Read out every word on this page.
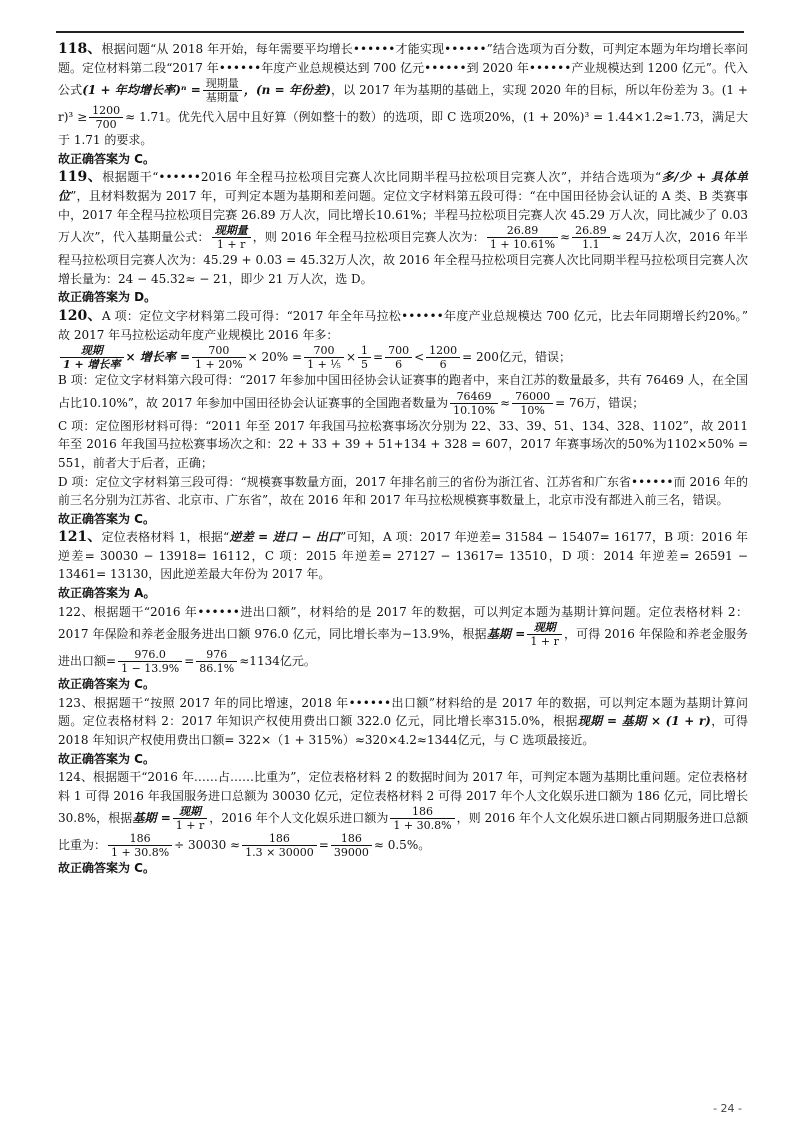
118、根据问题“从 2018 年开始，每年需要平均增长••••••才能实现••••••”结合选项为百分数，可判定本题为年均增长率问题。定位材料第二段“2017 年••••••年度产业总规模达到 700 亿元••••••到 2020 年••••••产业规模达到 1200 亿元”。代入公式(1 + 年均增长率)$^n = \frac{\text{现期量}}{\text{基期量}}$ ，(n = 年份差)，以 2017 年为基期的基础上，实现 2020 年的目标，所以年份差为 3。$(1 + r)^3 \ge \frac{1200}{700} \approx 1.71$。优先代入居中且好算（例如整十的数）的选项，即 C 选项20%，(1 + 20%)³ = 1.44×1.2≈1.73，满足大于 1.71 的要求。

故正确答案为 C。

119、根据题干“••••••2016 年全程马拉松项目完赛人次比同期半程马拉松项目完赛人次”，并结合选项为“多/少 + 具体单位”，且材料数据为 2017 年，可判定本题为基期和差问题。定位文字材料第五段可得：“在中国田径协会认证的 A 类、B 类赛事中，2017 年全程马拉松项目完赛 26.89 万人次，同比增长10.61%；半程马拉松项目完赛人次 45.29 万人次，同比减少了 0.03 万人次”，代入基期量公式： $\frac{\text{现期量}}{1 + r}$ ，则 2016 年全程马拉松项目完赛人次为： $\frac{26.89}{1 + 10.61\%} \approx \frac{26.89}{1.1} \approx 24$万人次，2016 年半程马拉松项目完赛人次为：45.29 + 0.03 = 45.32万人次，故 2016 年全程马拉松项目完赛人次比同期半程马拉松项目完赛人次增长量为：24 − 45.32≈ − 21，即少 21 万人次，选 D。

故正确答案为 D。

120、A 项：定位文字材料第二段可得：“2017 年全年马拉松••••••年度产业总规模达 700 亿元，比去年同期增长约20%。”　故 2017 年马拉松运动年度产业规模比 2016 年多：

$\frac{\text{现期}}{\text{1 + 增长率}}$ × 增长率 = $\frac{700}{1 + 20\%} \times 20\% = \frac{700}{\text{1 + ⅕}} \times \frac{1}{5} = \frac{700}{6} < \frac{1200}{6} = 200$亿元，错误；

B 项：定位文字材料第六段可得：“2017 年参加中国田径协会认证赛事的跑者中，来自江苏的数量最多，共有 76469 人，在全国占比10.10%”，故 2017 年参加中国田径协会认证赛事的全国跑者数量为 $\frac{76469}{10.10\%} \approx \frac{76000}{10\%} = 76$万，错误；

C 项：定位图形材料可得：“2011 年至 2017 年我国马拉松赛事场次分别为 22、33、39、51、134、328、1102”，故 2011 年至 2016 年我国马拉松赛事场次之和：22 + 33 + 39 + 51+134 + 328 = 607，2017 年赛事场次的50%为1102×50% = 551，前者大于后者，正确；

D 项：定位文字材料第三段可得：“规模赛事数量方面，2017 年排名前三的省份为浙江省、江苏省和广东省••••••而 2016 年的前三名分别为江苏省、北京市、广东省”，故在 2016 年和 2017 年马拉松规模赛事数量上，北京市没有都进入前三名，错误。

故正确答案为 C。

121、定位表格材料 1，根据“逆差 = 进口 − 出口”可知，A 项：2017 年逆差= 31584 − 15407= 16177，B 项：2016 年逆差= 30030 − 13918= 16112，C 项：2015 年逆差= 27127 − 13617= 13510，D 项：2014 年逆差= 26591 − 13461= 13130，因此逆差最大年份为 2017 年。

故正确答案为 A。

122、根据题干“2016 年••••••进出口额”，材料给的是 2017 年的数据，可以判定本题为基期计算问题。定位表格材料 2：2017 年保险和养老金服务进出口额 976.0 亿元，同比增长率为−13.9%，根据基期 = $\frac{\text{现期}}{1 + r}$ ，可得 2016 年保险和养老金服务进出口额= $\frac{976.0}{1 - 13.9\%} = \frac{976}{86.1\%} \approx 1134$亿元。

故正确答案为 C。

123、根据题干“按照 2017 年的同比增速，2018 年••••••出口额”材料给的是 2017 年的数据，可以判定本题为基期计算问题。定位表格材料 2：2017 年知识产权使用费出口额 322.0 亿元，同比增长率315.0%，根据现期 = 基期 × (1 + r)，可得 2018 年知识产权使用费出口额= 322×（1 + 315%）≈320×4.2≈1344亿元，与 C 选项最接近。

故正确答案为 C。

124、根据题干“2016 年……占……比重为”，定位表格材料 2 的数据时间为 2017 年，可判定本题为基期比重问题。定位表格材料 1 可得 2016 年我国服务进口总额为 30030 亿元，定位表格材料 2 可得 2017 年个人文化娱乐进口额为 186 亿元，同比增长30.8%，根据基期 = $\frac{\text{现期}}{1 + r}$ ，2016 年个人文化娱乐进口额为 $\frac{186}{1 + 30.8\%}$ ，则 2016 年个人文化娱乐进口额占同期服务进口总额比重为： $\frac{186}{1 + 30.8\%} \div 30030 \approx \frac{186}{1.3 \times 30000} = \frac{186}{39000} \approx 0.5\%$。

故正确答案为 C。

- 24 -
